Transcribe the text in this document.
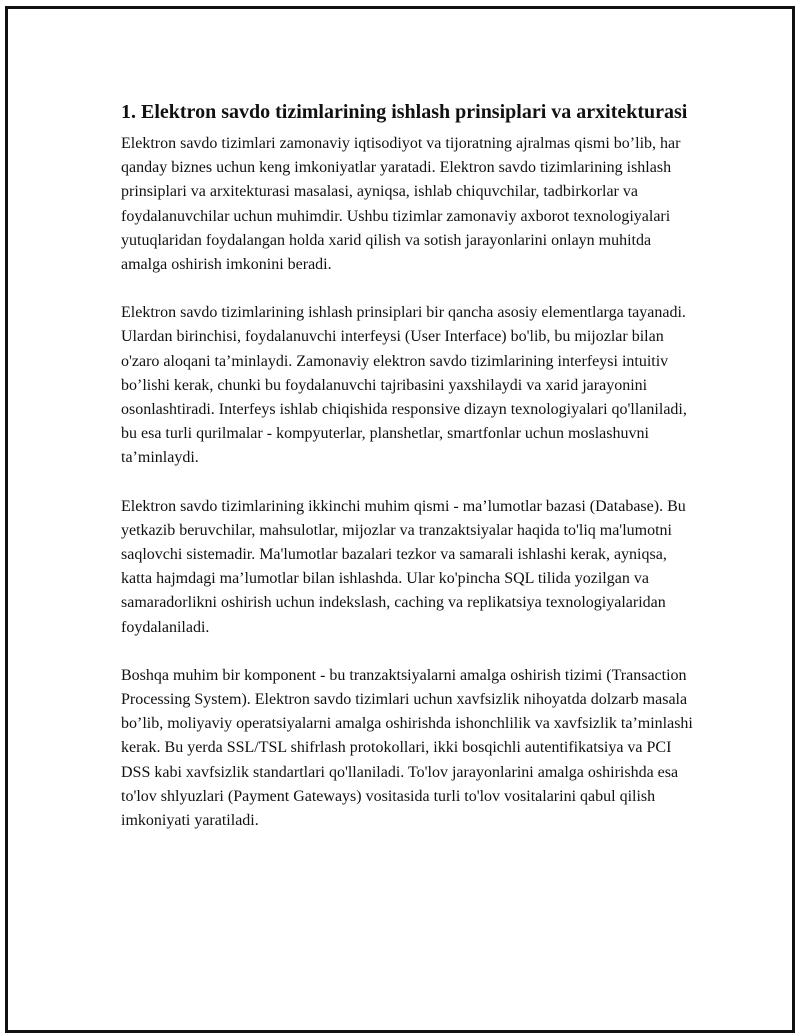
1. Elektron savdo tizimlarining ishlash prinsiplari va arxitekturasi

Elektron savdo tizimlari zamonaviy iqtisodiyot va tijoratning ajralmas qismi bo’lib, har qanday biznes uchun keng imkoniyatlar yaratadi. Elektron savdo tizimlarining ishlash prinsiplari va arxitekturasi masalasi, ayniqsa, ishlab chiquvchilar, tadbirkorlar va foydalanuvchilar uchun muhimdir. Ushbu tizimlar zamonaviy axborot texnologiyalari yutuqlaridan foydalangan holda xarid qilish va sotish jarayonlarini onlayn muhitda amalga oshirish imkonini beradi.

Elektron savdo tizimlarining ishlash prinsiplari bir qancha asosiy elementlarga tayanadi. Ulardan birinchisi, foydalanuvchi interfeysi (User Interface) bo'lib, bu mijozlar bilan o'zaro aloqani ta’minlaydi. Zamonaviy elektron savdo tizimlarining interfeysi intuitiv bo’lishi kerak, chunki bu foydalanuvchi tajribasini yaxshilaydi va xarid jarayonini osonlashtiradi. Interfeys ishlab chiqishida responsive dizayn texnologiyalari qo'llaniladi, bu esa turli qurilmalar - kompyuterlar, planshetlar, smartfonlar uchun moslashuvni ta’minlaydi.

Elektron savdo tizimlarining ikkinchi muhim qismi - ma’lumotlar bazasi (Database). Bu yetkazib beruvchilar, mahsulotlar, mijozlar va tranzaktsiyalar haqida to'liq ma'lumotni saqlovchi sistemadir. Ma'lumotlar bazalari tezkor va samarali ishlashi kerak, ayniqsa, katta hajmdagi ma’lumotlar bilan ishlashda. Ular ko'pincha SQL tilida yozilgan va samaradorlikni oshirish uchun indekslash, caching va replikatsiya texnologiyalaridan foydalaniladi.

Boshqa muhim bir komponent - bu tranzaktsiyalarni amalga oshirish tizimi (Transaction Processing System). Elektron savdo tizimlari uchun xavfsizlik nihoyatda dolzarb masala bo’lib, moliyaviy operatsiyalarni amalga oshirishda ishonchlilik va xavfsizlik ta’minlashi kerak. Bu yerda SSL/TSL shifrlash protokollari, ikki bosqichli autentifikatsiya va PCI DSS kabi xavfsizlik standartlari qo'llaniladi. To'lov jarayonlarini amalga oshirishda esa to'lov shlyuzlari (Payment Gateways) vositasida turli to'lov vositalarini qabul qilish imkoniyati yaratiladi.
